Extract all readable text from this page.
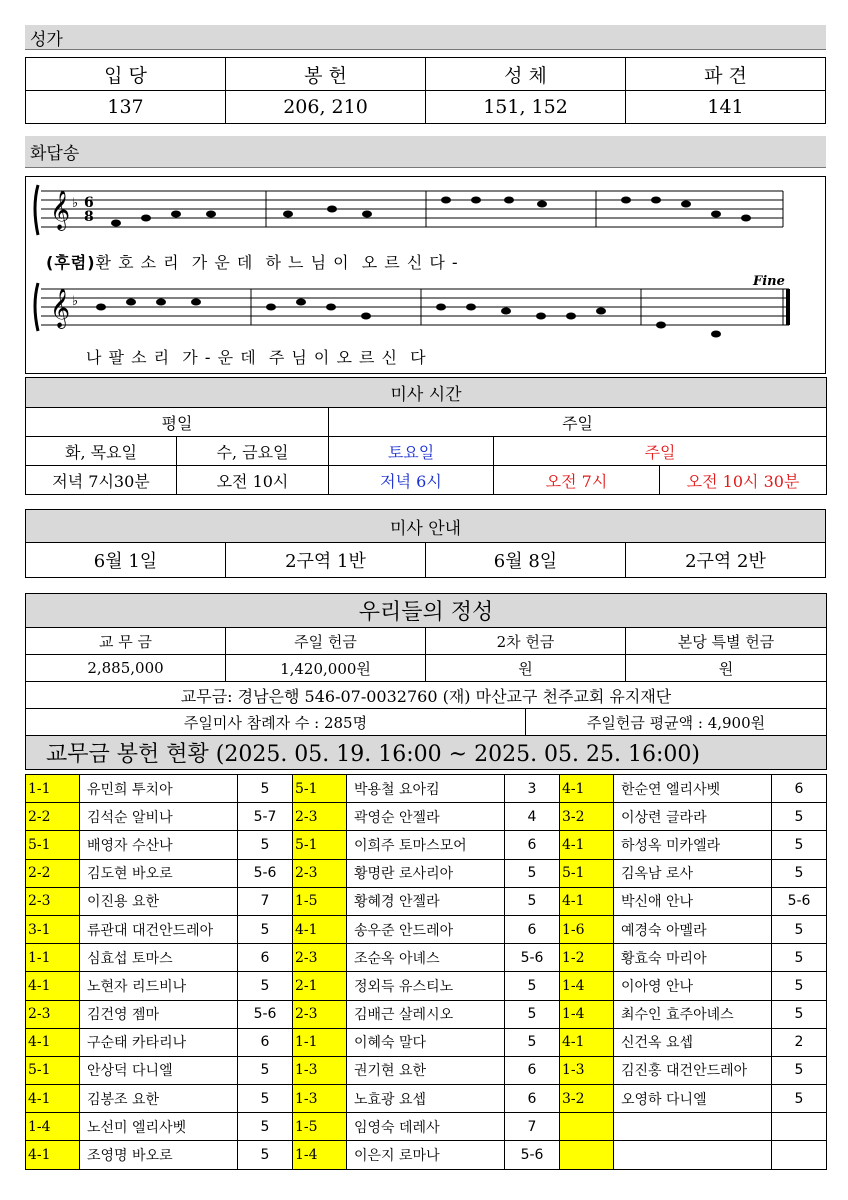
성가
입 당	봉 헌	성 체	파 견
137	206, 210	151, 152	141
화답송
𝄞
𝄞
♭
♭
6
8
Fine
(후렴)환 호 소 리  가 운 데  하 느 님 이  오 르 신 다 -
나 팔 소 리  가 - 운 데  주 님 이 오 르 신  다
미사 시간				
평일		주일		
화, 목요일	수, 금요일	토요일	주일	
저녁 7시30분	오전 10시	저녁 6시	오전 7시	오전 10시 30분
미사 안내
6월 1일	2구역 1반	6월 8일	2구역 2반
우리들의 정성				
교 무 금	주일 헌금	2차 헌금		본당 특별 헌금
2,885,000	1,420,000원	원		원
교무금: 경남은행 546-07-0032760 (재) 마산교구 천주교회 유지재단				
주일미사 참례자 수 : 285명			주일헌금 평균액 : 4,900원	
교무금 봉헌 현황 (2025. 05. 19. 16:00 ~ 2025. 05. 25. 16:00)				
1-1	유민희 투치아	5	5-1	박용철 요아킴	3	4-1	한순연 엘리사벳	6
2-2	김석순 알비나	5-7	2-3	곽영순 안젤라	4	3-2	이상련 글라라	5
5-1	배영자 수산나	5	5-1	이희주 토마스모어	6	4-1	하성옥 미카엘라	5
2-2	김도현 바오로	5-6	2-3	황명란 로사리아	5	5-1	김옥남 로사	5
2-3	이진용 요한	7	1-5	황혜경 안젤라	5	4-1	박신애 안나	5-6
3-1	류관대 대건안드레아	5	4-1	송우준 안드레아	6	1-6	예경숙 아멜라	5
1-1	심효섭 토마스	6	2-3	조순옥 아녜스	5-6	1-2	황효숙 마리아	5
4-1	노현자 리드비나	5	2-1	정외득 유스티노	5	1-4	이아영 안나	5
2-3	김건영 젬마	5-6	2-3	김배근 살레시오	5	1-4	최수인 효주아녜스	5
4-1	구순태 카타리나	6	1-1	이혜숙 말다	5	4-1	신건옥 요셉	2
5-1	안상덕 다니엘	5	1-3	권기현 요한	6	1-3	김진홍 대건안드레아	5
4-1	김봉조 요한	5	1-3	노효광 요셉	6	3-2	오영하 다니엘	5
1-4	노선미 엘리사벳	5	1-5	임영숙 데레사	7			
4-1	조영명 바오로	5	1-4	이은지 로마나	5-6			
